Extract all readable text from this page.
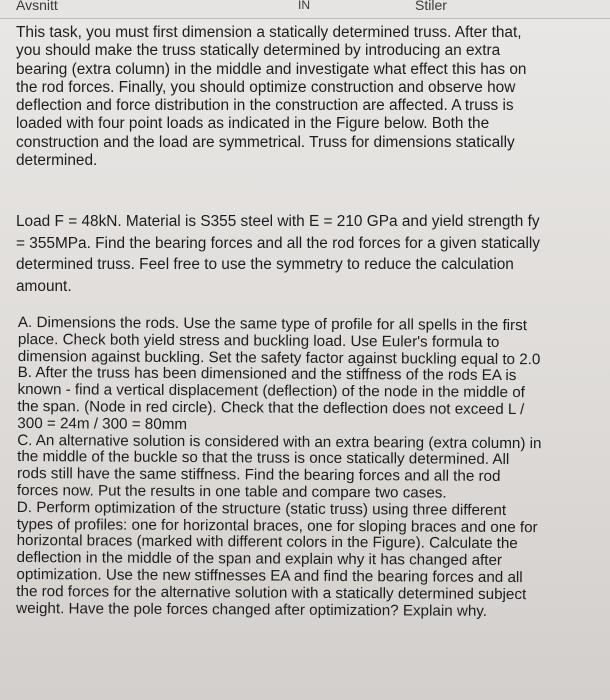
Avsnitt	IN	Stiler

This task, you must first dimension a statically determined truss. After that,
you should make the truss statically determined by introducing an extra
bearing (extra column) in the middle and investigate what effect this has on
the rod forces. Finally, you should optimize construction and observe how
deflection and force distribution in the construction are affected. A truss is
loaded with four point loads as indicated in the Figure below. Both the
construction and the load are symmetrical. Truss for dimensions statically
determined.

Load F = 48kN. Material is S355 steel with E = 210 GPa and yield strength fy
= 355MPa. Find the bearing forces and all the rod forces for a given statically
determined truss. Feel free to use the symmetry to reduce the calculation
amount.

A. Dimensions the rods. Use the same type of profile for all spells in the first
place. Check both yield stress and buckling load. Use Euler's formula to
dimension against buckling. Set the safety factor against buckling equal to 2.0
B. After the truss has been dimensioned and the stiffness of the rods EA is
known - find a vertical displacement (deflection) of the node in the middle of
the span. (Node in red circle). Check that the deflection does not exceed L /
300 = 24m / 300 = 80mm
C. An alternative solution is considered with an extra bearing (extra column) in
the middle of the buckle so that the truss is once statically determined. All
rods still have the same stiffness. Find the bearing forces and all the rod
forces now. Put the results in one table and compare two cases.
D. Perform optimization of the structure (static truss) using three different
types of profiles: one for horizontal braces, one for sloping braces and one for
horizontal braces (marked with different colors in the Figure). Calculate the
deflection in the middle of the span and explain why it has changed after
optimization. Use the new stiffnesses EA and find the bearing forces and all
the rod forces for the alternative solution with a statically determined subject
weight. Have the pole forces changed after optimization? Explain why.
